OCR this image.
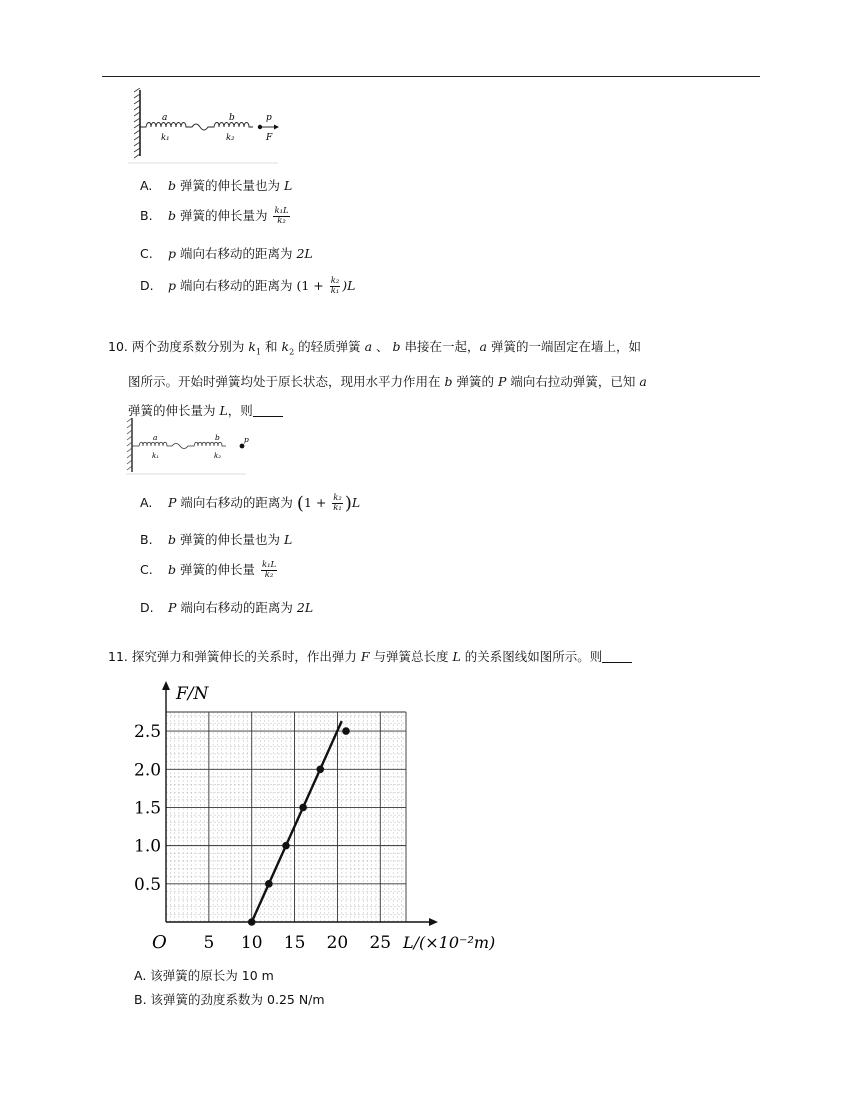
a	b
k₁	k₂
p
F
A. b 弹簧的伸长量也为 L
B. b 弹簧的伸长量为 $\frac{\text{k₁L}}{\text{k₂}}$
C. p 端向右移动的距离为 2L
D. p 端向右移动的距离为 $(1 + \frac{\text{k₂}}{\text{k₁}} )L$
10. 两个劲度系数分别为 $k_1$ 和 $k_2$ 的轻质弹簧 a 、 b 串接在一起，a 弹簧的一端固定在墙上，如
图所示。开始时弹簧均处于原长状态，现用水平力作用在 b 弹簧的 P 端向右拉动弹簧，已知 a
弹簧的伸长量为 L，则
a	b
k₁	k₂
p
A. P 端向右移动的距离为 $(1 + \frac{\text{k₂}}{\text{k₁}} )L$
B. b 弹簧的伸长量也为 L
C. b 弹簧的伸长量 $\frac{\text{k₁L}}{\text{k₂}}$
D. P 端向右移动的距离为 2L
11. 探究弹力和弹簧伸长的关系时，作出弹力 F 与弹簧总长度 L 的关系图线如图所示。则
0.5
1.0
1.5
2.0
2.5
5 10 15 20 25
O
F/N
L/(×10⁻²m)
A. 该弹簧的原长为 10 m
B. 该弹簧的劲度系数为 0.25 N/m
